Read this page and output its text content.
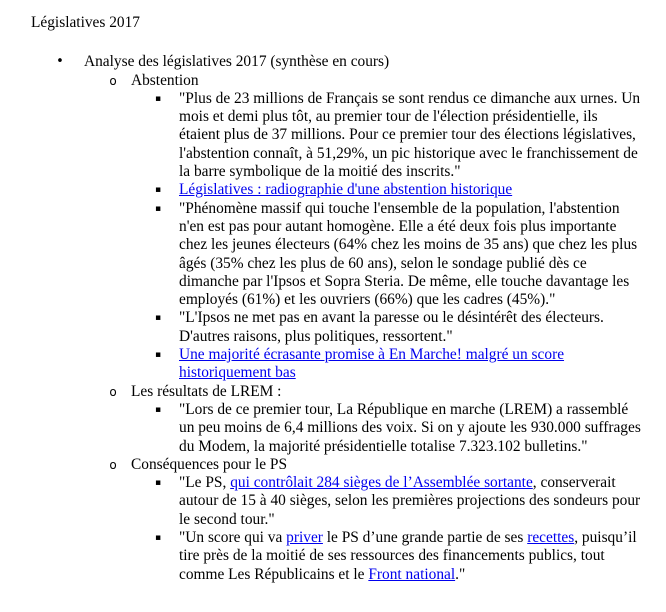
Législatives 2017
• Analyse des législatives 2017 (synthèse en cours)
o Abstention
▪ "Plus de 23 millions de Français se sont rendus ce dimanche aux urnes. Un mois et demi plus tôt, au premier tour de l'élection présidentielle, ils étaient plus de 37 millions. Pour ce premier tour des élections législatives, l'abstention connaît, à 51,29%, un pic historique avec le franchissement de la barre symbolique de la moitié des inscrits."
▪ Législatives : radiographie d'une abstention historique
▪ "Phénomène massif qui touche l'ensemble de la population, l'abstention n'en est pas pour autant homogène. Elle a été deux fois plus importante chez les jeunes électeurs (64% chez les moins de 35 ans) que chez les plus âgés (35% chez les plus de 60 ans), selon le sondage publié dès ce dimanche par l'Ipsos et Sopra Steria. De même, elle touche davantage les employés (61%) et les ouvriers (66%) que les cadres (45%)."
▪ "L'Ipsos ne met pas en avant la paresse ou le désintérêt des électeurs. D'autres raisons, plus politiques, ressortent."
▪ Une majorité écrasante promise à En Marche! malgré un score historiquement bas
o Les résultats de LREM :
▪ "Lors de ce premier tour, La République en marche (LREM) a rassemblé un peu moins de 6,4 millions des voix. Si on y ajoute les 930.000 suffrages du Modem, la majorité présidentielle totalise 7.323.102 bulletins."
o Conséquences pour le PS
▪ "Le PS, qui contrôlait 284 sièges de l’Assemblée sortante, conserverait autour de 15 à 40 sièges, selon les premières projections des sondeurs pour le second tour."
▪ "Un score qui va priver le PS d’une grande partie de ses recettes, puisqu’il tire près de la moitié de ses ressources des financements publics, tout comme Les Républicains et le Front national."
